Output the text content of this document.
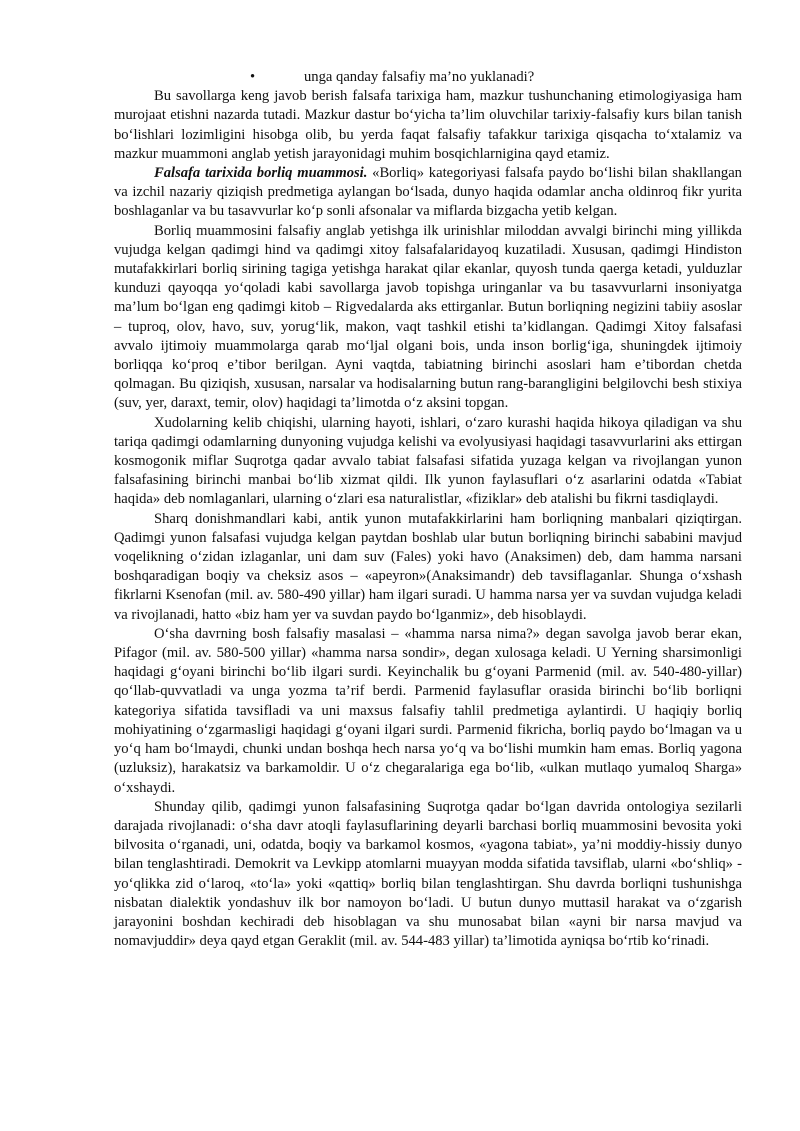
•	unga qanday falsafiy ma’no yuklanadi?

Bu savollarga keng javob berish falsafa tarixiga ham, mazkur tushunchaning etimologiyasiga ham murojaat etishni nazarda tutadi. Mazkur dastur bo‘yicha ta’lim oluvchilar tarixiy-falsafiy kurs bilan tanish bo‘lishlari lozimligini hisobga olib, bu yerda faqat falsafiy tafakkur tarixiga qisqacha to‘xtalamiz va mazkur muammoni anglab yetish jarayonidagi muhim bosqichlarnigina qayd etamiz.

Falsafa tarixida borliq muammosi. «Borliq» kategoriyasi falsafa paydo bo‘lishi bilan shakllangan va izchil nazariy qiziqish predmetiga aylangan bo‘lsada, dunyo haqida odamlar ancha oldinroq fikr yurita boshlaganlar va bu tasavvurlar ko‘p sonli afsonalar va miflarda bizgacha yetib kelgan.

Borliq muammosini falsafiy anglab yetishga ilk urinishlar miloddan avvalgi birinchi ming yillikda vujudga kelgan qadimgi hind va qadimgi xitoy falsafalaridayoq kuzatiladi. Xususan, qadimgi Hindiston mutafakkirlari borliq sirining tagiga yetishga harakat qilar ekanlar, quyosh tunda qaerga ketadi, yulduzlar kunduzi qayoqqa yo‘qoladi kabi savollarga javob topishga uringanlar va bu tasavvurlarni insoniyatga ma’lum bo‘lgan eng qadimgi kitob – Rigvedalarda aks ettirganlar. Butun borliqning negizini tabiiy asoslar – tuproq, olov, havo, suv, yorug‘lik, makon, vaqt tashkil etishi ta’kidlangan. Qadimgi Xitoy falsafasi avvalo ijtimoiy muammolarga qarab mo‘ljal olgani bois, unda inson borlig‘iga, shuningdek ijtimoiy borliqqa ko‘proq e’tibor berilgan. Ayni vaqtda, tabiatning birinchi asoslari ham e’tibordan chetda qolmagan. Bu qiziqish, xususan, narsalar va hodisalarning butun rang-barangligini belgilovchi besh stixiya (suv, yer, daraxt, temir, olov) haqidagi ta’limotda o‘z aksini topgan.

Xudolarning kelib chiqishi, ularning hayoti, ishlari, o‘zaro kurashi haqida hikoya qiladigan va shu tariqa qadimgi odamlarning dunyoning vujudga kelishi va evolyusiyasi haqidagi tasavvurlarini aks ettirgan kosmogonik miflar Suqrotga qadar avvalo tabiat falsafasi sifatida yuzaga kelgan va rivojlangan yunon falsafasining birinchi manbai bo‘lib xizmat qildi. Ilk yunon faylasuflari o‘z asarlarini odatda «Tabiat haqida» deb nomlaganlari, ularning o‘zlari esa naturalistlar, «fiziklar» deb atalishi bu fikrni tasdiqlaydi.

Sharq donishmandlari kabi, antik yunon mutafakkirlarini ham borliqning manbalari qiziqtirgan. Qadimgi yunon falsafasi vujudga kelgan paytdan boshlab ular butun borliqning birinchi sababini mavjud voqelikning o‘zidan izlaganlar, uni dam suv (Fales) yoki havo (Anaksimen) deb, dam hamma narsani boshqaradigan boqiy va cheksiz asos – «apeyron»(Anaksimandr) deb tavsiflaganlar. Shunga o‘xshash fikrlarni Ksenofan (mil. av. 580-490 yillar) ham ilgari suradi. U hamma narsa yer va suvdan vujudga keladi va rivojlanadi, hatto «biz ham yer va suvdan paydo bo‘lganmiz», deb hisoblaydi.

O‘sha davrning bosh falsafiy masalasi – «hamma narsa nima?» degan savolga javob berar ekan, Pifagor (mil. av. 580-500 yillar) «hamma narsa sondir», degan xulosaga keladi. U Yerning sharsimonligi haqidagi g‘oyani birinchi bo‘lib ilgari surdi. Keyinchalik bu g‘oyani Parmenid (mil. av. 540-480-yillar) qo‘llab-quvvatladi va unga yozma ta’rif berdi. Parmenid faylasuflar orasida birinchi bo‘lib borliqni kategoriya sifatida tavsifladi va uni maxsus falsafiy tahlil predmetiga aylantirdi. U haqiqiy borliq mohiyatining o‘zgarmasligi haqidagi g‘oyani ilgari surdi. Parmenid fikricha, borliq paydo bo‘lmagan va u yo‘q ham bo‘lmaydi, chunki undan boshqa hech narsa yo‘q va bo‘lishi mumkin ham emas. Borliq yagona (uzluksiz), harakatsiz va barkamoldir. U o‘z chegaralariga ega bo‘lib, «ulkan mutlaqo yumaloq Sharga» o‘xshaydi.

Shunday qilib, qadimgi yunon falsafasining Suqrotga qadar bo‘lgan davrida ontologiya sezilarli darajada rivojlanadi: o‘sha davr atoqli faylasuflarining deyarli barchasi borliq muammosini bevosita yoki bilvosita o‘rganadi, uni, odatda, boqiy va barkamol kosmos, «yagona tabiat», ya’ni moddiy-hissiy dunyo bilan tenglashtiradi. Demokrit va Levkipp atomlarni muayyan modda sifatida tavsiflab, ularni «bo‘shliq» - yo‘qlikka zid o‘laroq, «to‘la» yoki «qattiq» borliq bilan tenglashtirgan. Shu davrda borliqni tushunishga nisbatan dialektik yondashuv ilk bor namoyon bo‘ladi. U butun dunyo muttasil harakat va o‘zgarish jarayonini boshdan kechiradi deb hisoblagan va shu munosabat bilan «ayni bir narsa mavjud va nomavjuddir» deya qayd etgan Geraklit (mil. av. 544-483 yillar) ta’limotida ayniqsa bo‘rtib ko‘rinadi.
